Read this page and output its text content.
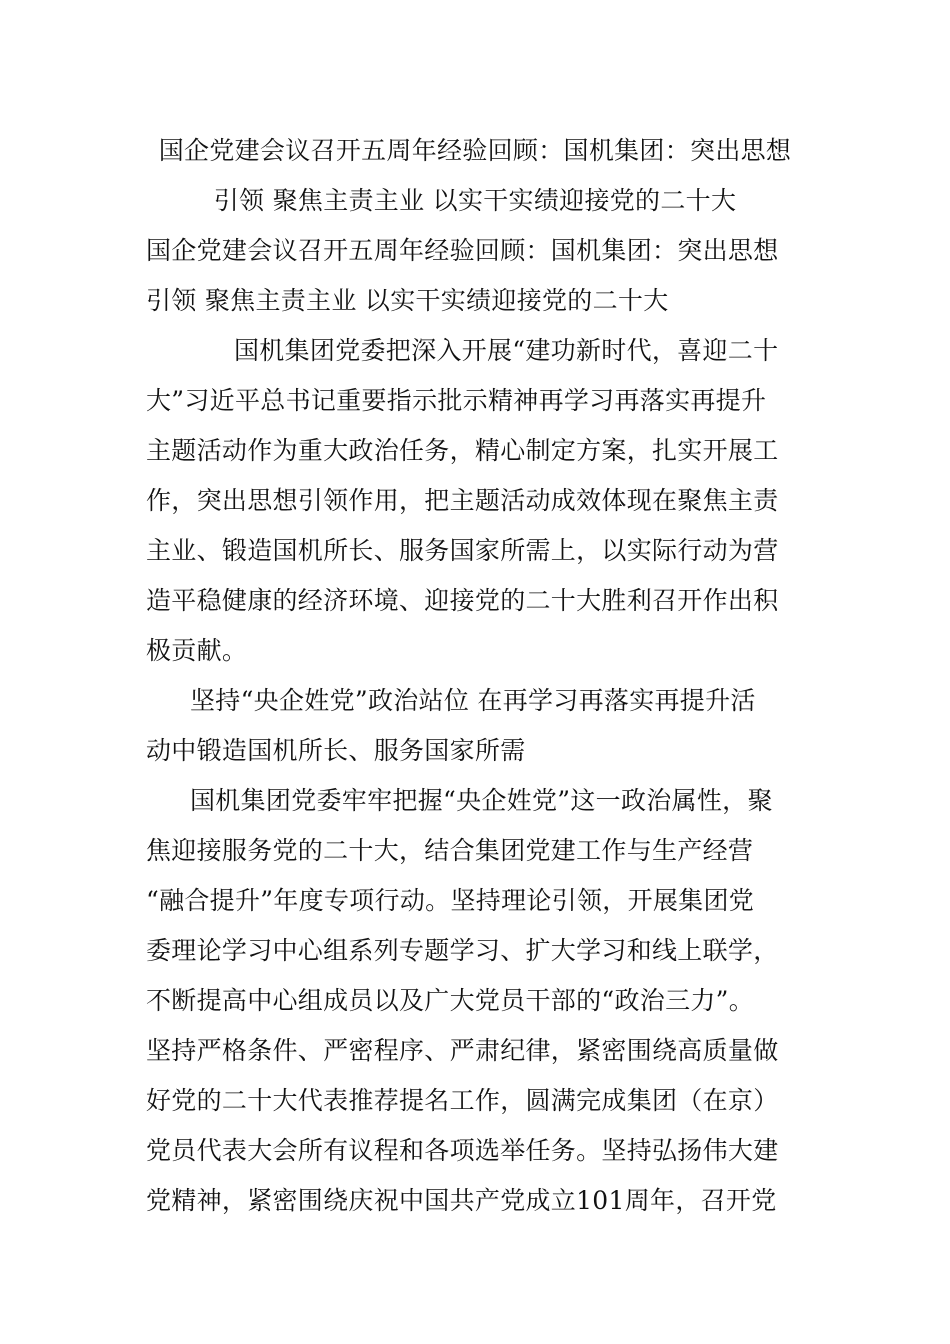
国企党建会议召开五周年经验回顾：国机集团：突出思想
引领 聚焦主责主业 以实干实绩迎接党的二十大
国企党建会议召开五周年经验回顾：国机集团：突出思想
引领 聚焦主责主业 以实干实绩迎接党的二十大
国机集团党委把深入开展“建功新时代，喜迎二十
大”习近平总书记重要指示批示精神再学习再落实再提升
主题活动作为重大政治任务，精心制定方案，扎实开展工
作，突出思想引领作用，把主题活动成效体现在聚焦主责
主业、锻造国机所长、服务国家所需上，以实际行动为营
造平稳健康的经济环境、迎接党的二十大胜利召开作出积
极贡献。
坚持“央企姓党”政治站位 在再学习再落实再提升活
动中锻造国机所长、服务国家所需
国机集团党委牢牢把握“央企姓党”这一政治属性，聚
焦迎接服务党的二十大，结合集团党建工作与生产经营
“融合提升”年度专项行动。坚持理论引领，开展集团党
委理论学习中心组系列专题学习、扩大学习和线上联学，
不断提高中心组成员以及广大党员干部的“政治三力”。
坚持严格条件、严密程序、严肃纪律，紧密围绕高质量做
好党的二十大代表推荐提名工作，圆满完成集团（在京）
党员代表大会所有议程和各项选举任务。坚持弘扬伟大建
党精神，紧密围绕庆祝中国共产党成立101周年，召开党
